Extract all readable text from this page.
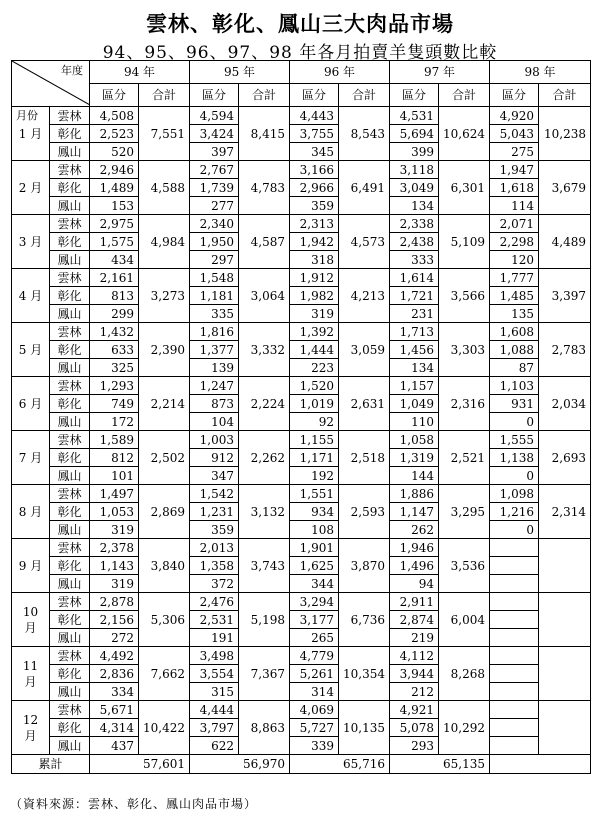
雲林、彰化、鳳山三大肉品市場
94、95、96、97、98 年各月拍賣羊隻頭數比較
年度
月份		94 年		95 年		96 年		97 年		98 年	
		區分	合計	區分	合計	區分	合計	區分	合計	區分	合計
1 月	雲林	4,508	7,551	4,594	8,415	4,443	8,543	4,531	10,624	4,920	10,238
	彰化	2,523		3,424		3,755		5,694		5,043	
	鳳山	520		397		345		399		275	
2 月	雲林	2,946	4,588	2,767	4,783	3,166	6,491	3,118	6,301	1,947	3,679
	彰化	1,489		1,739		2,966		3,049		1,618	
	鳳山	153		277		359		134		114	
3 月	雲林	2,975	4,984	2,340	4,587	2,313	4,573	2,338	5,109	2,071	4,489
	彰化	1,575		1,950		1,942		2,438		2,298	
	鳳山	434		297		318		333		120	
4 月	雲林	2,161	3,273	1,548	3,064	1,912	4,213	1,614	3,566	1,777	3,397
	彰化	813		1,181		1,982		1,721		1,485	
	鳳山	299		335		319		231		135	
5 月	雲林	1,432	2,390	1,816	3,332	1,392	3,059	1,713	3,303	1,608	2,783
	彰化	633		1,377		1,444		1,456		1,088	
	鳳山	325		139		223		134		87	
6 月	雲林	1,293	2,214	1,247	2,224	1,520	2,631	1,157	2,316	1,103	2,034
	彰化	749		873		1,019		1,049		931	
	鳳山	172		104		92		110		0	
7 月	雲林	1,589	2,502	1,003	2,262	1,155	2,518	1,058	2,521	1,555	2,693
	彰化	812		912		1,171		1,319		1,138	
	鳳山	101		347		192		144		0	
8 月	雲林	1,497	2,869	1,542	3,132	1,551	2,593	1,886	3,295	1,098	2,314
	彰化	1,053		1,231		934		1,147		1,216	
	鳳山	319		359		108		262		0	
9 月	雲林	2,378	3,840	2,013	3,743	1,901	3,870	1,946	3,536		
	彰化	1,143		1,358		1,625		1,496			
	鳳山	319		372		344		94			
10 月	雲林	2,878	5,306	2,476	5,198	3,294	6,736	2,911	6,004		
	彰化	2,156		2,531		3,177		2,874			
	鳳山	272		191		265		219			
11 月	雲林	4,492	7,662	3,498	7,367	4,779	10,354	4,112	8,268		
	彰化	2,836		3,554		5,261		3,944			
	鳳山	334		315		314		212			
12 月	雲林	5,671	10,422	4,444	8,863	4,069	10,135	4,921	10,292		
	彰化	4,314		3,797		5,727		5,078			
	鳳山	437		622		339		293			
累計		57,601		56,970		65,716		65,135			
（資料來源：雲林、彰化、鳳山肉品市場）
